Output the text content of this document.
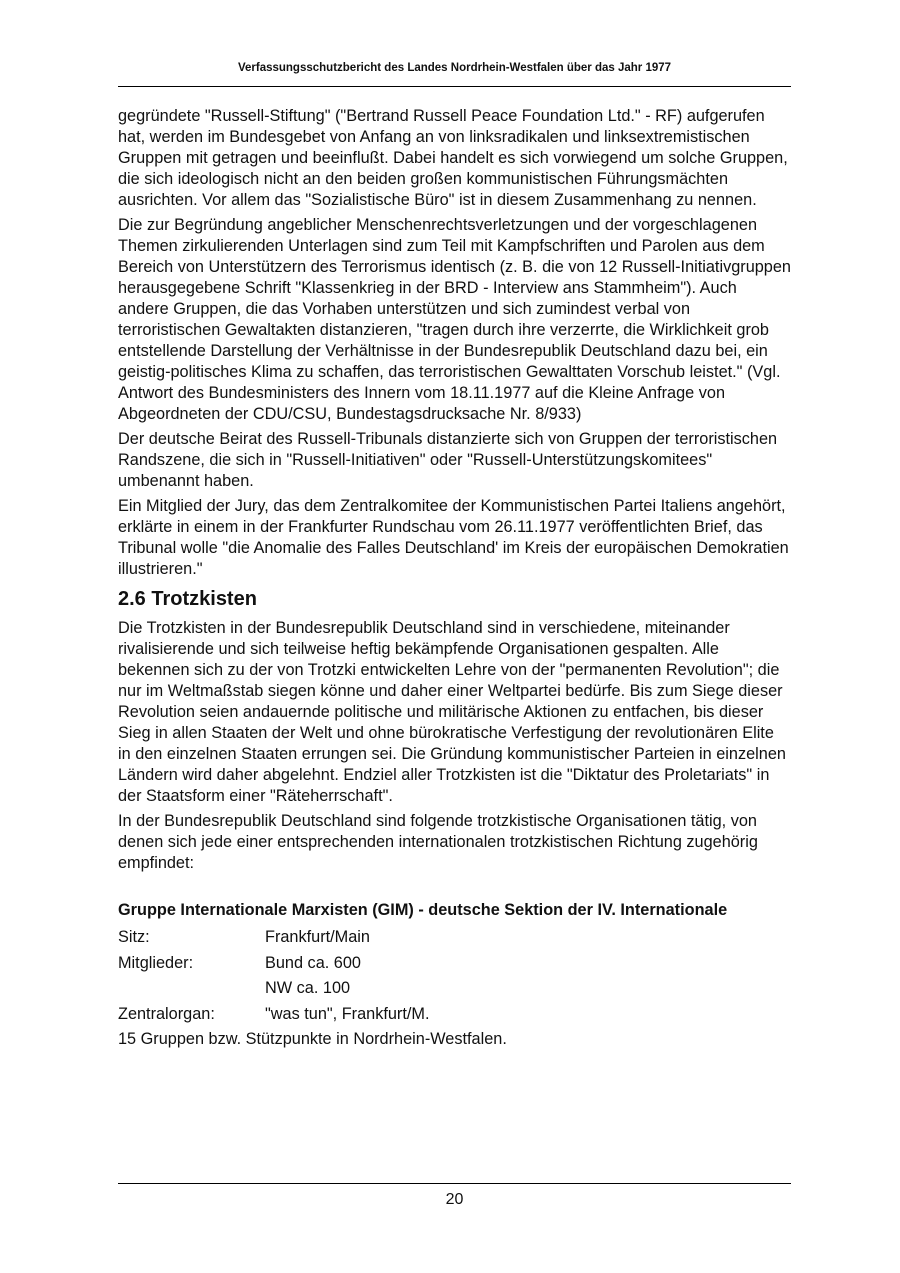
Verfassungsschutzbericht des Landes Nordrhein-Westfalen über das Jahr 1977

gegründete "Russell-Stiftung" ("Bertrand Russell Peace Foundation Ltd." - RF) aufgerufen hat, werden im Bundesgebet von Anfang an von linksradikalen und linksextremistischen Gruppen mit getragen und beeinflußt. Dabei handelt es sich vorwiegend um solche Gruppen, die sich ideologisch nicht an den beiden großen kommunistischen Führungsmächten ausrichten. Vor allem das "Sozialistische Büro" ist in diesem Zusammenhang zu nennen.

Die zur Begründung angeblicher Menschenrechtsverletzungen und der vorgeschlagenen Themen zirkulierenden Unterlagen sind zum Teil mit Kampfschriften und Parolen aus dem Bereich von Unterstützern des Terrorismus identisch (z. B. die von 12 Russell-Initiativgruppen herausgegebene Schrift "Klassenkrieg in der BRD - Interview ans Stammheim"). Auch andere Gruppen, die das Vorhaben unterstützen und sich zumindest verbal von terroristischen Gewaltakten distanzieren, "tragen durch ihre verzerrte, die Wirklichkeit grob entstellende Darstellung der Verhältnisse in der Bundesrepublik Deutschland dazu bei, ein geistig-politisches Klima zu schaffen, das terroristischen Gewalttaten Vorschub leistet." (Vgl. Antwort des Bundesministers des Innern vom 18.11.1977 auf die Kleine Anfrage von Abgeordneten der CDU/CSU, Bundestagsdrucksache Nr. 8/933)

Der deutsche Beirat des Russell-Tribunals distanzierte sich von Gruppen der terroristischen Randszene, die sich in "Russell-Initiativen" oder "Russell-Unterstützungskomitees" umbenannt haben.

Ein Mitglied der Jury, das dem Zentralkomitee der Kommunistischen Partei Italiens angehört, erklärte in einem in der Frankfurter Rundschau vom 26.11.1977 veröffentlichten Brief, das Tribunal wolle "die Anomalie des Falles Deutschland' im Kreis der europäischen Demokratien illustrieren."

2.6 Trotzkisten

Die Trotzkisten in der Bundesrepublik Deutschland sind in verschiedene, miteinander rivalisierende und sich teilweise heftig bekämpfende Organisationen gespalten. Alle bekennen sich zu der von Trotzki entwickelten Lehre von der "permanenten Revolution"; die nur im Weltmaßstab siegen könne und daher einer Weltpartei bedürfe. Bis zum Siege dieser Revolution seien andauernde politische und militärische Aktionen zu entfachen, bis dieser Sieg in allen Staaten der Welt und ohne bürokratische Verfestigung der revolutionären Elite in den einzelnen Staaten errungen sei. Die Gründung kommunistischer Parteien in einzelnen Ländern wird daher abgelehnt. Endziel aller Trotzkisten ist die "Diktatur des Proletariats" in der Staatsform einer "Räteherrschaft".

In der Bundesrepublik Deutschland sind folgende trotzkistische Organisationen tätig, von denen sich jede einer entsprechenden internationalen trotzkistischen Richtung zugehörig empfindet:

Gruppe Internationale Marxisten (GIM) - deutsche Sektion der IV. Internationale
Sitz:	Frankfurt/Main
Mitglieder:	Bund ca. 600
NW ca. 100
Zentralorgan:	"was tun", Frankfurt/M.

15 Gruppen bzw. Stützpunkte in Nordrhein-Westfalen.

20
